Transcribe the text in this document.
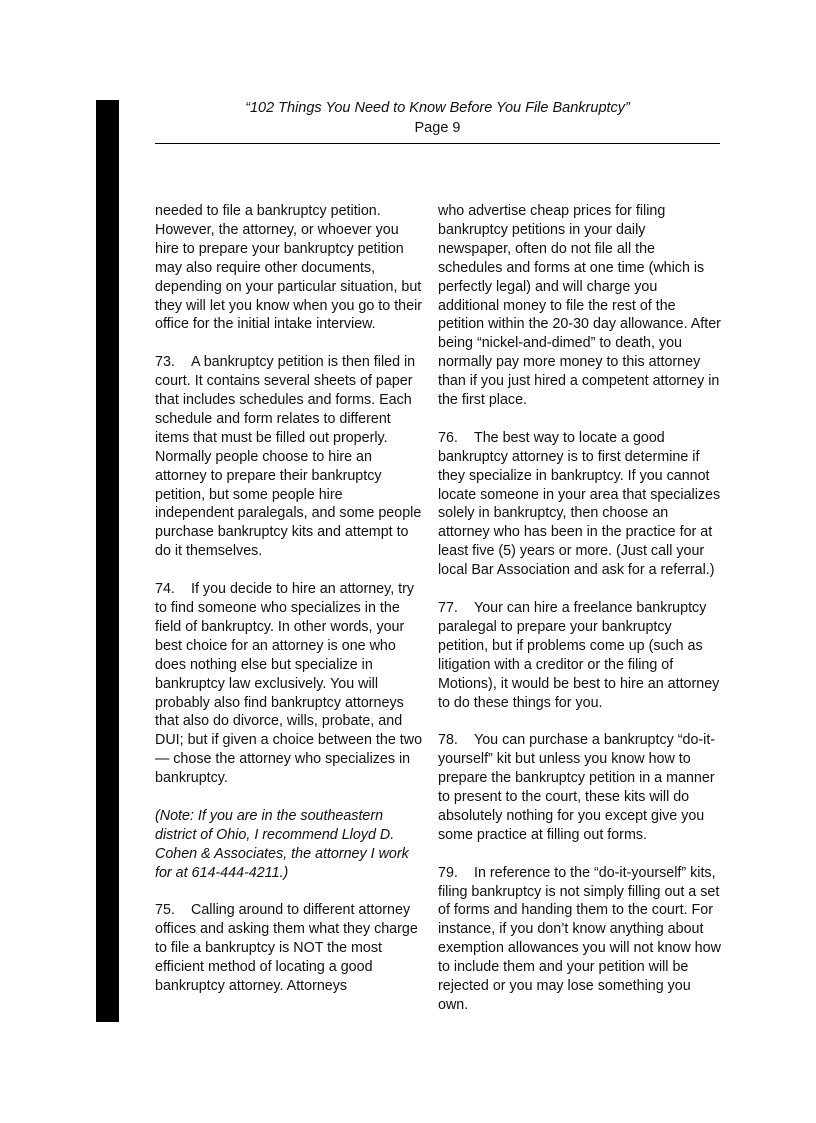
“102 Things You Need to Know Before You File Bankruptcy”
Page 9

needed to file a bankruptcy petition. However, the attorney, or whoever you hire to prepare your bankruptcy petition may also require other documents, depending on your particular situation, but they will let you know when you go to their office for the initial intake interview.

73. A bankruptcy petition is then filed in court. It contains several sheets of paper that includes schedules and forms. Each schedule and form relates to different items that must be filled out properly. Normally people choose to hire an attorney to prepare their bankruptcy petition, but some people hire independent paralegals, and some people purchase bankruptcy kits and attempt to do it themselves.

74. If you decide to hire an attorney, try to find someone who specializes in the field of bankruptcy. In other words, your best choice for an attorney is one who does nothing else but specialize in bankruptcy law exclusively. You will probably also find bankruptcy attorneys that also do divorce, wills, probate, and DUI; but if given a choice between the two — chose the attorney who specializes in bankruptcy.

(Note: If you are in the southeastern district of Ohio, I recommend Lloyd D. Cohen & Associates, the attorney I work for at 614-444-4211.)

75. Calling around to different attorney offices and asking them what they charge to file a bankruptcy is NOT the most efficient method of locating a good bankruptcy attorney. Attorneys

who advertise cheap prices for filing bankruptcy petitions in your daily newspaper, often do not file all the schedules and forms at one time (which is perfectly legal) and will charge you additional money to file the rest of the petition within the 20-30 day allowance. After being “nickel-and-dimed” to death, you normally pay more money to this attorney than if you just hired a competent attorney in the first place.

76. The best way to locate a good bankruptcy attorney is to first determine if they specialize in bankruptcy. If you cannot locate someone in your area that specializes solely in bankruptcy, then choose an attorney who has been in the practice for at least five (5) years or more. (Just call your local Bar Association and ask for a referral.)

77. Your can hire a freelance bankruptcy paralegal to prepare your bankruptcy petition, but if problems come up (such as litigation with a creditor or the filing of Motions), it would be best to hire an attorney to do these things for you.

78. You can purchase a bankruptcy “do-it-yourself” kit but unless you know how to prepare the bankruptcy petition in a manner to present to the court, these kits will do absolutely nothing for you except give you some practice at filling out forms.

79. In reference to the “do-it-yourself” kits, filing bankruptcy is not simply filling out a set of forms and handing them to the court. For instance, if you don’t know anything about exemption allowances you will not know how to include them and your petition will be rejected or you may lose something you own.
